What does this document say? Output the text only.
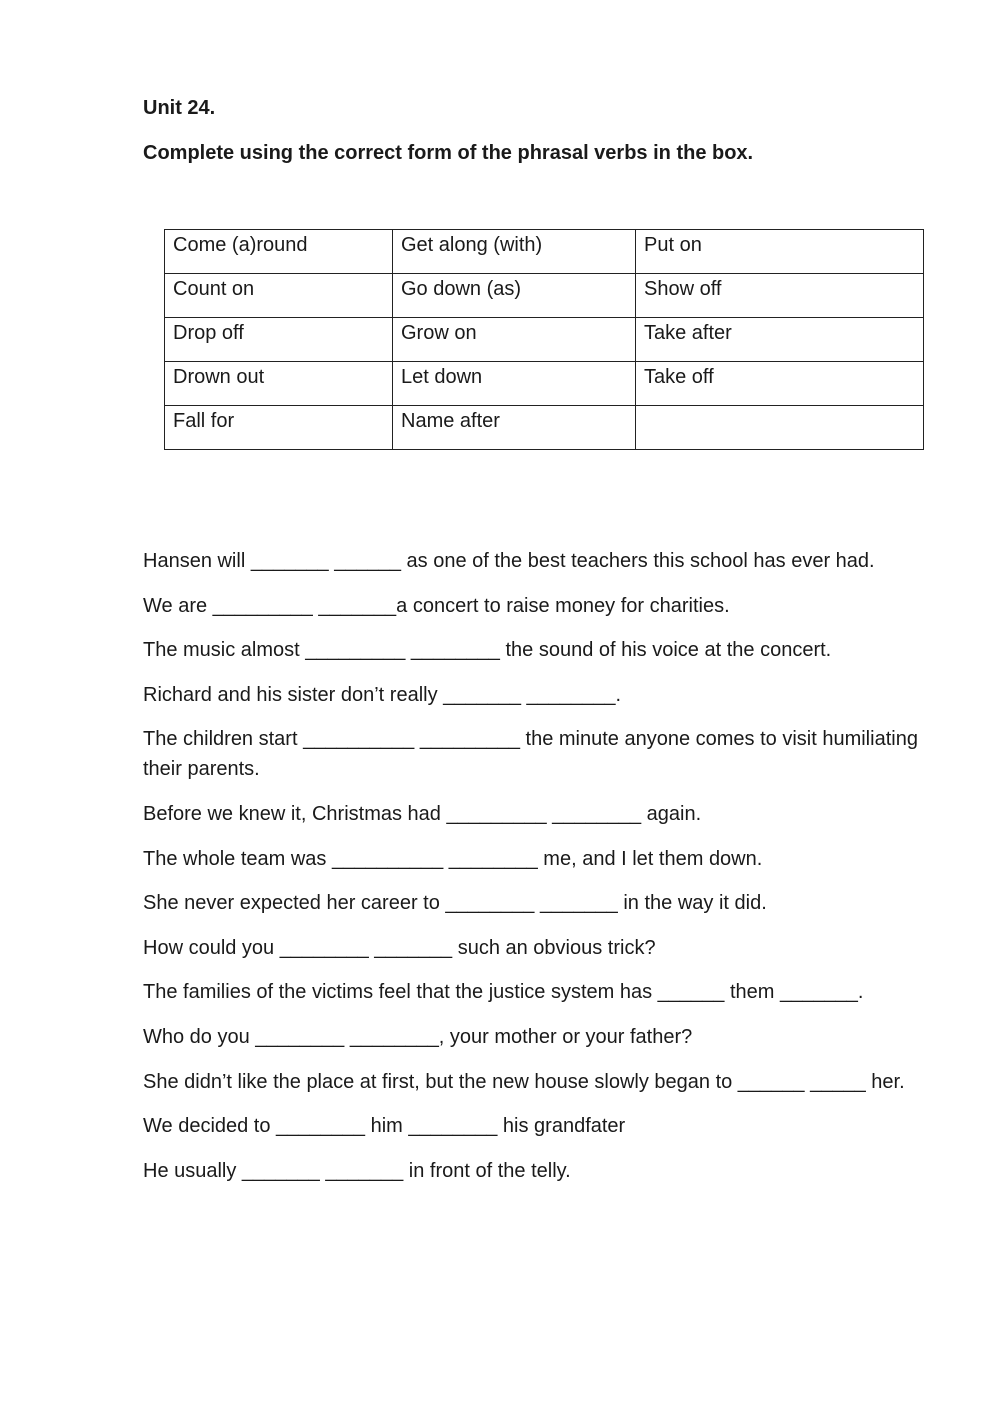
Unit 24.

Complete using the correct form of the phrasal verbs in the box.

Come (a)round	Get along (with)	Put on
Count on	Go down (as)	Show off
Drop off	Grow on	Take after
Drown out	Let down	Take off
Fall for	Name after	
Hansen will _______ ______ as one of the best teachers this school has ever had.
We are _________ _______a concert to raise money for charities.
The music almost _________ ________ the sound of his voice at the concert.
Richard and his sister don’t really _______ ________.
The children start __________ _________ the minute anyone comes to visit humiliating their parents.
Before we knew it, Christmas had _________ ________ again.
The whole team was __________ ________ me, and I let them down.
She never expected her career to ________ _______ in the way it did.
How could you ________ _______ such an obvious trick?
The families of the victims feel that the justice system has ______ them _______.
Who do you ________ ________, your mother or your father?
She didn’t like the place at first, but the new house slowly began to ______ _____ her.
We decided to ________ him ________ his grandfater
He usually _______ _______ in front of the telly.
